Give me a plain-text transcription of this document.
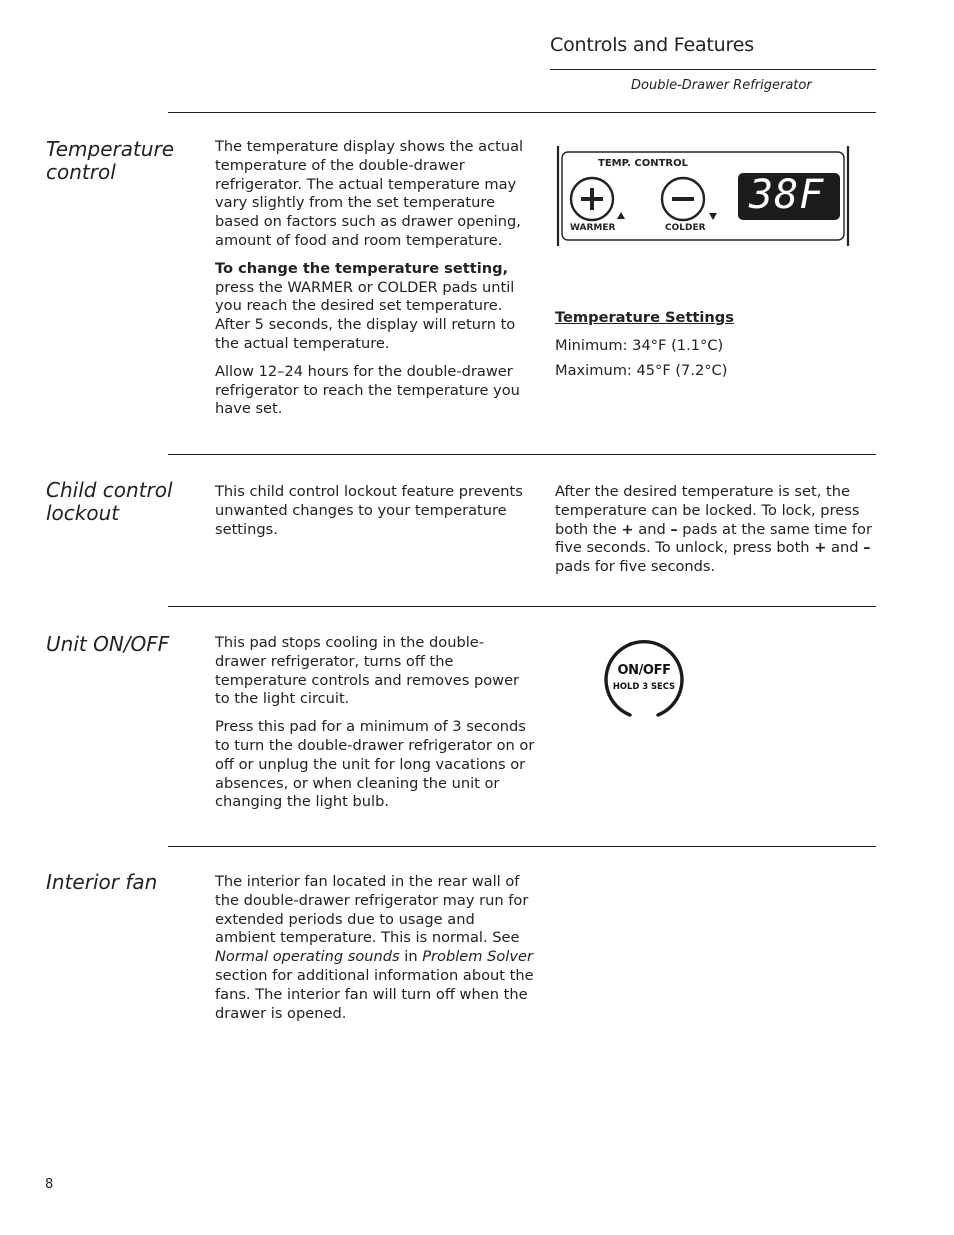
Controls and Features
Double-Drawer Refrigerator
Temperature
control

The temperature display shows the actual temperature of the double-drawer refrigerator. The actual temperature may vary slightly from the set temperature based on factors such as drawer opening, amount of food and room temperature.

To change the temperature setting, press the WARMER or COLDER pads until you reach the desired set temperature. After 5 seconds, the display will return to the actual temperature.

Allow 12–24 hours for the double-drawer refrigerator to reach the temperature you have set.

TEMP. CONTROL
WARMER	COLDER
38F
Temperature Settings
Minimum: 34°F (1.1°C)
Maximum: 45°F (7.2°C)
Child control
lockout

This child control lockout feature prevents unwanted changes to your temperature settings.

After the desired temperature is set, the temperature can be locked. To lock, press both the + and – pads at the same time for five seconds. To unlock, press both + and – pads for five seconds.

Unit ON/OFF	This pad stops cooling in the double-drawer refrigerator, turns off the temperature controls and removes power to the light circuit.

Press this pad for a minimum of 3 seconds to turn the double-drawer refrigerator on or off or unplug the unit for long vacations or absences, or when cleaning the unit or changing the light bulb.

ON/OFF
HOLD 3 SECS
Interior fan	The interior fan located in the rear wall of the double-drawer refrigerator may run for extended periods due to usage and ambient temperature. This is normal. See Normal operating sounds in Problem Solver section for additional information about the fans. The interior fan will turn off when the drawer is opened.

8
